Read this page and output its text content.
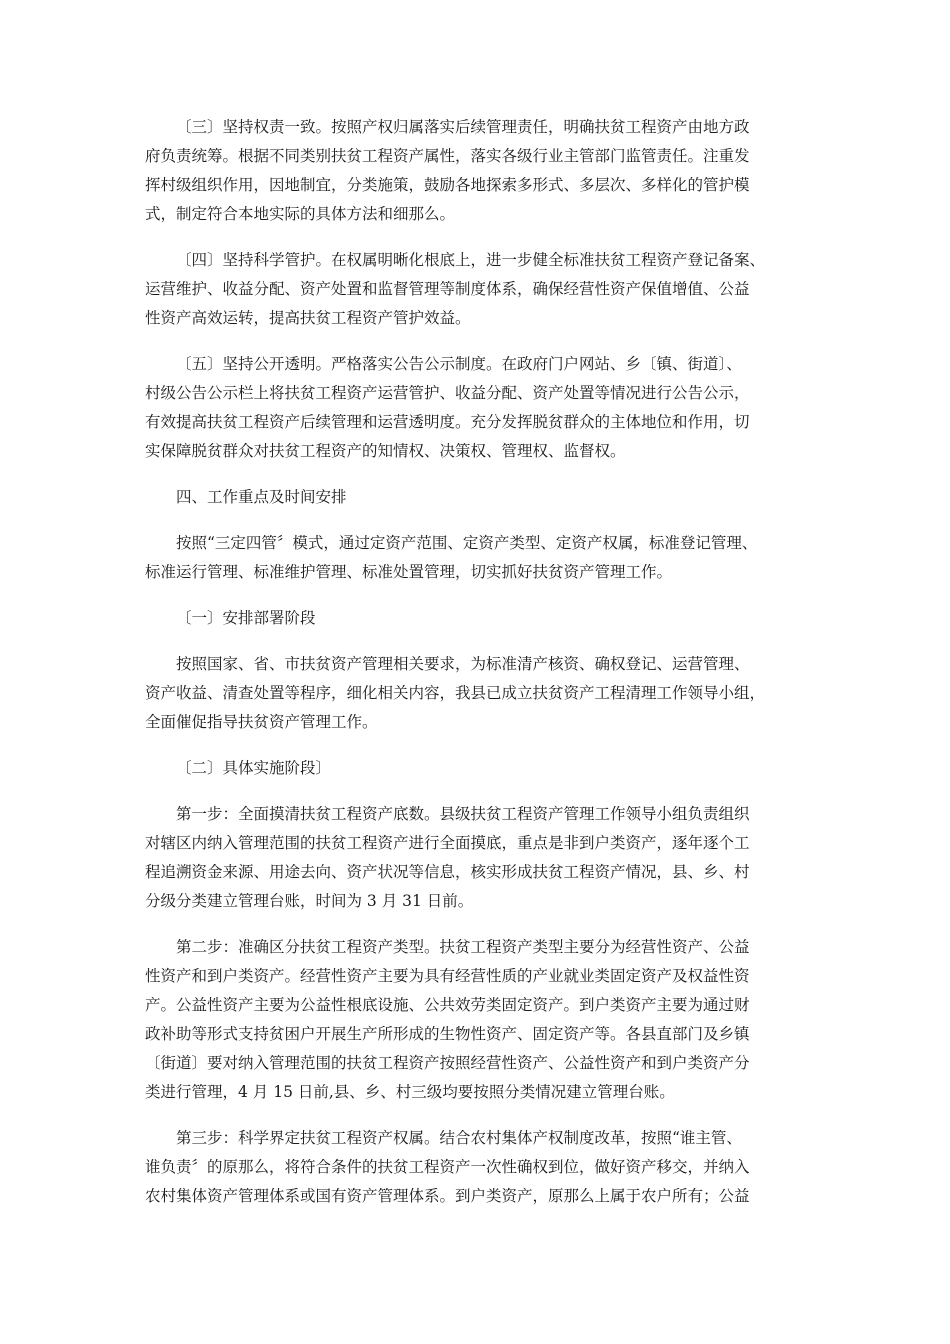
〔三〕坚持权责一致。按照产权归属落实后续管理责任，明确扶贫工程资产由地方政
府负责统筹。根据不同类别扶贫工程资产属性，落实各级行业主管部门监管责任。注重发
挥村级组织作用，因地制宜，分类施策，鼓励各地探索多形式、多层次、多样化的管护模
式，制定符合本地实际的具体方法和细那么。
〔四〕坚持科学管护。在权属明晰化根底上，进一步健全标准扶贫工程资产登记备案、
运营维护、收益分配、资产处置和监督管理等制度体系，确保经营性资产保值增值、公益
性资产高效运转，提高扶贫工程资产管护效益。
〔五〕坚持公开透明。严格落实公告公示制度。在政府门户网站、乡〔镇、街道〕、
村级公告公示栏上将扶贫工程资产运营管护、收益分配、资产处置等情况进行公告公示，
有效提高扶贫工程资产后续管理和运营透明度。充分发挥脱贫群众的主体地位和作用，切
实保障脱贫群众对扶贫工程资产的知情权、决策权、管理权、监督权。
四、工作重点及时间安排
按照“三定四管〞模式，通过定资产范围、定资产类型、定资产权属，标准登记管理、
标准运行管理、标准维护管理、标准处置管理，切实抓好扶贫资产管理工作。
〔一〕安排部署阶段
按照国家、省、市扶贫资产管理相关要求，为标准清产核资、确权登记、运营管理、
资产收益、清查处置等程序，细化相关内容，我县已成立扶贫资产工程清理工作领导小组，
全面催促指导扶贫资产管理工作。
〔二〕具体实施阶段〕
第一步：全面摸清扶贫工程资产底数。县级扶贫工程资产管理工作领导小组负责组织
对辖区内纳入管理范围的扶贫工程资产进行全面摸底，重点是非到户类资产，逐年逐个工
程追溯资金来源、用途去向、资产状况等信息，核实形成扶贫工程资产情况，县、乡、村
分级分类建立管理台账，时间为 3 月 31 日前。
第二步：准确区分扶贫工程资产类型。扶贫工程资产类型主要分为经营性资产、公益
性资产和到户类资产。经营性资产主要为具有经营性质的产业就业类固定资产及权益性资
产。公益性资产主要为公益性根底设施、公共效劳类固定资产。到户类资产主要为通过财
政补助等形式支持贫困户开展生产所形成的生物性资产、固定资产等。各县直部门及乡镇
〔街道〕要对纳入管理范围的扶贫工程资产按照经营性资产、公益性资产和到户类资产分
类进行管理，4 月 15 日前,县、乡、村三级均要按照分类情况建立管理台账。
第三步：科学界定扶贫工程资产权属。结合农村集体产权制度改革，按照“谁主管、
谁负责〞的原那么，将符合条件的扶贫工程资产一次性确权到位，做好资产移交，并纳入
农村集体资产管理体系或国有资产管理体系。到户类资产，原那么上属于农户所有；公益
